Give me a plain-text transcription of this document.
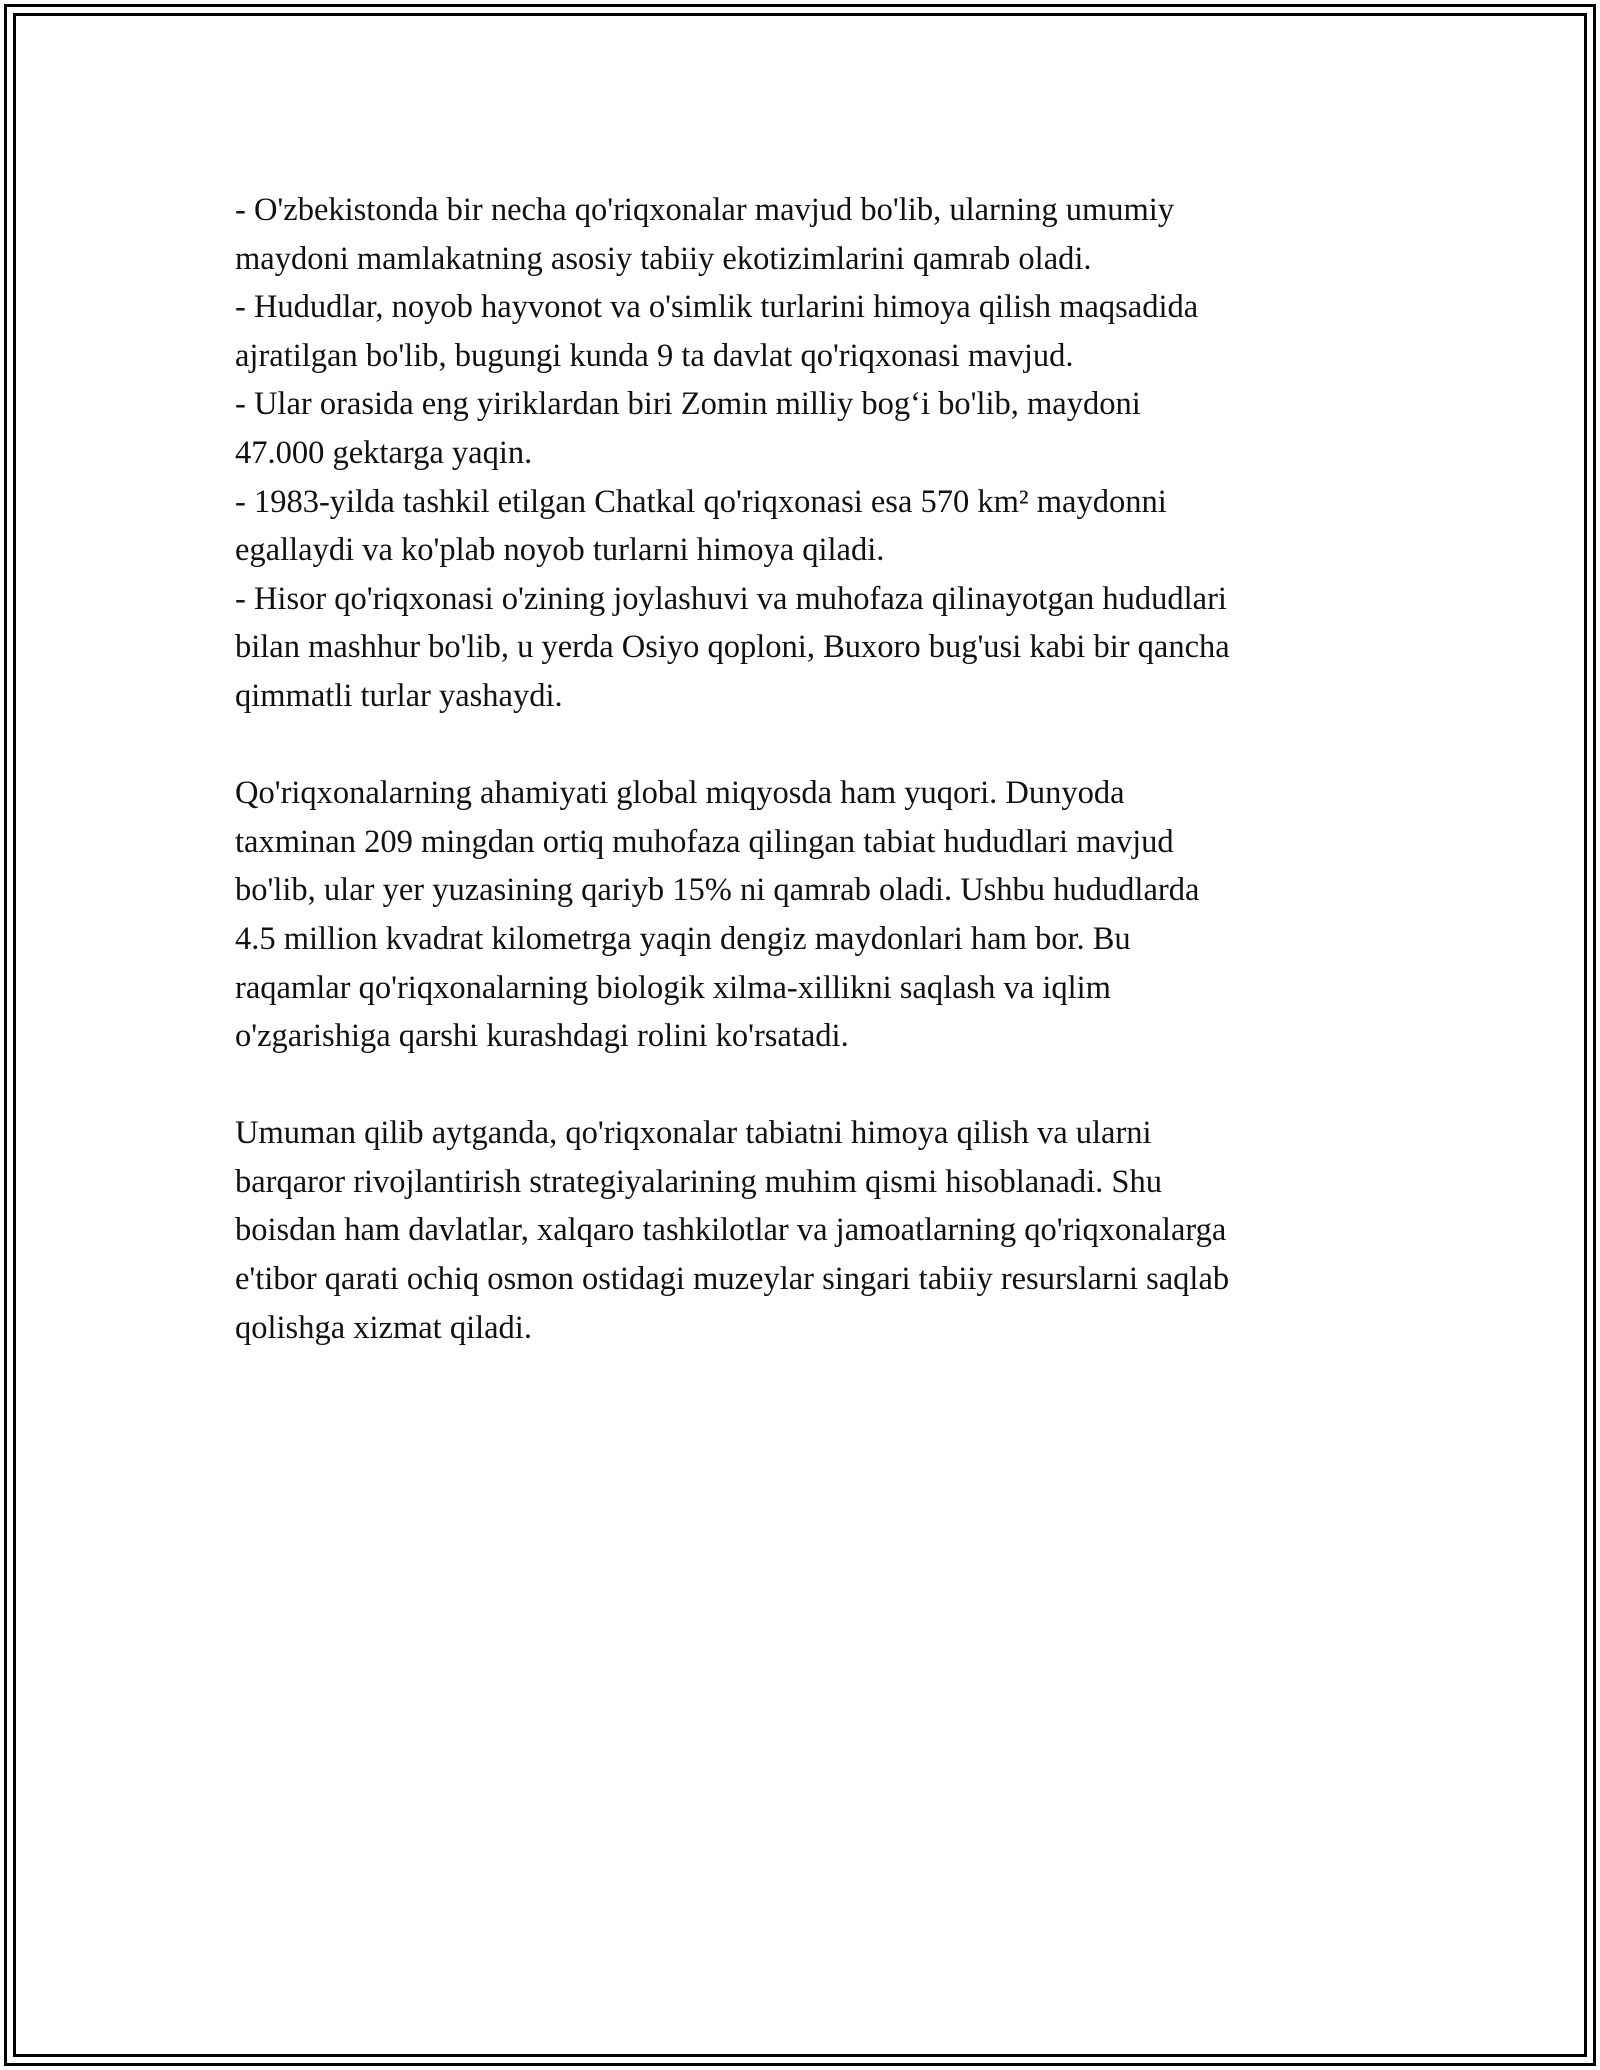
- O'zbekistonda bir necha qo'riqxonalar mavjud bo'lib, ularning umumiy
maydoni mamlakatning asosiy tabiiy ekotizimlarini qamrab oladi.
- Hududlar, noyob hayvonot va o'simlik turlarini himoya qilish maqsadida
ajratilgan bo'lib, bugungi kunda 9 ta davlat qo'riqxonasi mavjud.
- Ular orasida eng yiriklardan biri Zomin milliy bog‘i bo'lib, maydoni
47.000 gektarga yaqin.
- 1983-yilda tashkil etilgan Chatkal qo'riqxonasi esa 570 km² maydonni
egallaydi va ko'plab noyob turlarni himoya qiladi.
- Hisor qo'riqxonasi o'zining joylashuvi va muhofaza qilinayotgan hududlari
bilan mashhur bo'lib, u yerda Osiyo qoploni, Buxoro bug'usi kabi bir qancha
qimmatli turlar yashaydi.
Qo'riqxonalarning ahamiyati global miqyosda ham yuqori. Dunyoda
taxminan 209 mingdan ortiq muhofaza qilingan tabiat hududlari mavjud
bo'lib, ular yer yuzasining qariyb 15% ni qamrab oladi. Ushbu hududlarda
4.5 million kvadrat kilometrga yaqin dengiz maydonlari ham bor. Bu
raqamlar qo'riqxonalarning biologik xilma-xillikni saqlash va iqlim
o'zgarishiga qarshi kurashdagi rolini ko'rsatadi.
Umuman qilib aytganda, qo'riqxonalar tabiatni himoya qilish va ularni
barqaror rivojlantirish strategiyalarining muhim qismi hisoblanadi. Shu
boisdan ham davlatlar, xalqaro tashkilotlar va jamoatlarning qo'riqxonalarga
e'tibor qarati ochiq osmon ostidagi muzeylar singari tabiiy resurslarni saqlab
qolishga xizmat qiladi.
